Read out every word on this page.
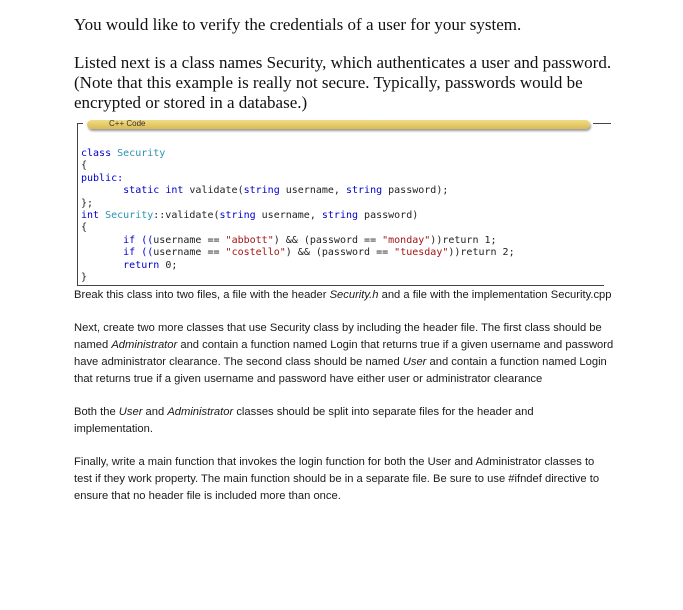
You would like to verify the credentials of a user for your system.
Listed next is a class names Security, which authenticates a user and password. (Note that this example is really not secure. Typically, passwords would be encrypted or stored in a database.)
C++ Code
class Security
{
public:
static int validate(string username, string password);
};
int Security::validate(string username, string password)
{
if ((username == "abbott") && (password == "monday"))return 1;
if ((username == "costello") && (password == "tuesday"))return 2;
return 0;
}

Break this class into two files, a file with the header Security.h and a file with the implementation Security.cpp

Next, create two more classes that use Security class by including the header file. The first class should be named Administrator and contain a function named Login that returns true if a given username and password have administrator clearance. The second class should be named User and contain a function named Login that returns true if a given username and password have either user or administrator clearance

Both the User and Administrator classes should be split into separate files for the header and implementation.

Finally, write a main function that invokes the login function for both the User and Administrator classes to test if they work property. The main function should be in a separate file. Be sure to use #ifndef directive to ensure that no header file is included more than once.
